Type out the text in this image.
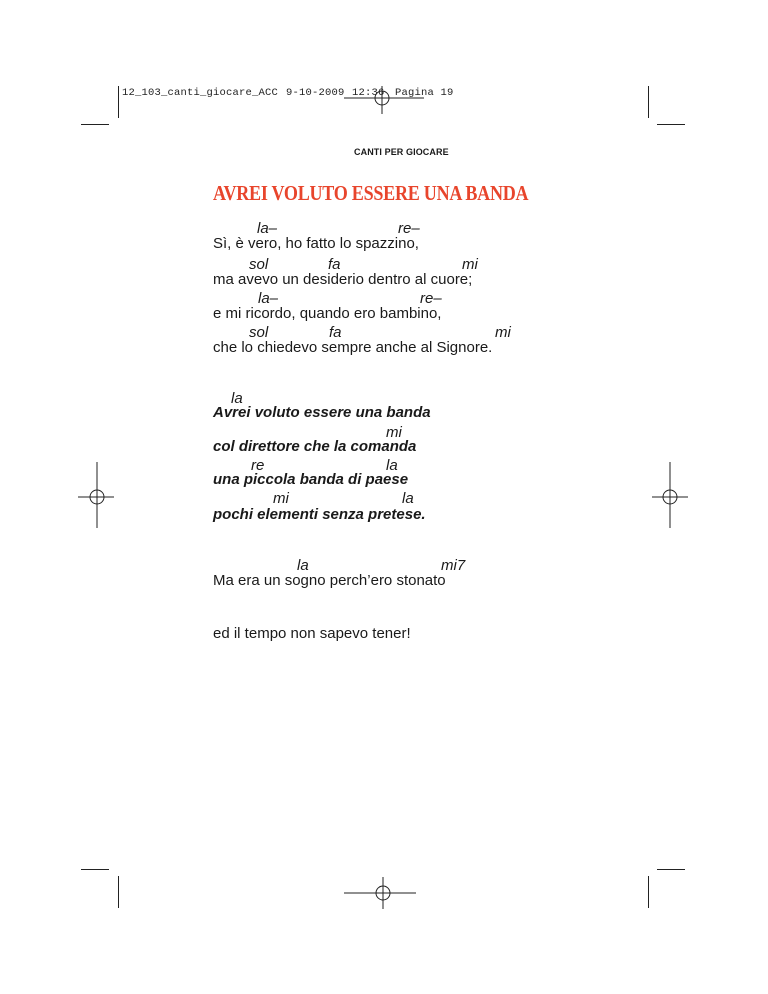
12_103_canti_giocare_ACC 9-10-2009 12:36 Pagina 19
CANTI PER GIOCARE
AVREI VOLUTO ESSERE UNA BANDA
la–	re–
Sì, è vero, ho fatto lo spazzino,
sol	fa	mi
ma avevo un desiderio dentro al cuore;
la–	re–
e mi ricordo, quando ero bambino,
sol	fa	mi
che lo chiedevo sempre anche al Signore.
la
Avrei voluto essere una banda
mi
col direttore che la comanda
re	la
una piccola banda di paese
mi	la
pochi elementi senza pretese.
la	mi7
Ma era un sogno perch’ero stonato
ed il tempo non sapevo tener!
